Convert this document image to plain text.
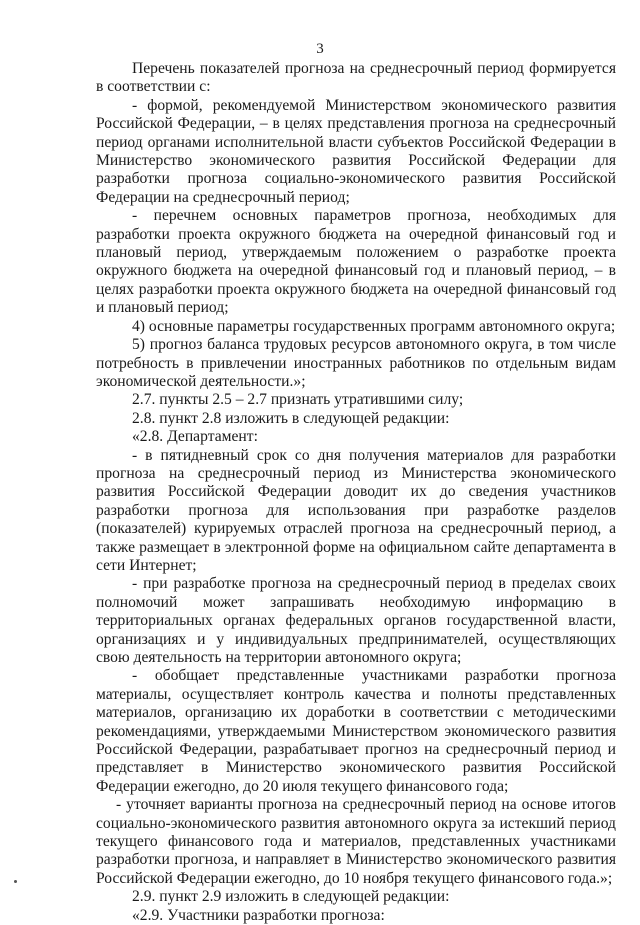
3

Перечень показателей прогноза на среднесрочный период формируется в соответствии с:

- формой, рекомендуемой Министерством экономического развития Российской Федерации, – в целях представления прогноза на среднесрочный период органами исполнительной власти субъектов Российской Федерации в Министерство экономического развития Российской Федерации для разработки прогноза социально-экономического развития Российской Федерации на среднесрочный период;

- перечнем основных параметров прогноза, необходимых для разработки проекта окружного бюджета на очередной финансовый год и плановый период, утверждаемым положением о разработке проекта окружного бюджета на очередной финансовый год и плановый период, – в целях разработки проекта окружного бюджета на очередной финансовый год и плановый период;

4) основные параметры государственных программ автономного округа;

5) прогноз баланса трудовых ресурсов автономного округа, в том числе потребность в привлечении иностранных работников по отдельным видам экономической деятельности.»;

2.7. пункты 2.5 – 2.7 признать утратившими силу;

2.8. пункт 2.8 изложить в следующей редакции:

«2.8. Департамент:

- в пятидневный срок со дня получения материалов для разработки прогноза на среднесрочный период из Министерства экономического развития Российской Федерации доводит их до сведения участников разработки прогноза для использования при разработке разделов (показателей) курируемых отраслей прогноза на среднесрочный период, а также размещает в электронной форме на официальном сайте департамента в сети Интернет;

- при разработке прогноза на среднесрочный период в пределах своих полномочий может запрашивать необходимую информацию в территориальных органах федеральных органов государственной власти, организациях и у индивидуальных предпринимателей, осуществляющих свою деятельность на территории автономного округа;

- обобщает представленные участниками разработки прогноза материалы, осуществляет контроль качества и полноты представленных материалов, организацию их доработки в соответствии с методическими рекомендациями, утверждаемыми Министерством экономического развития Российской Федерации, разрабатывает прогноз на среднесрочный период и представляет в Министерство экономического развития Российской Федерации ежегодно, до 20 июля текущего финансового года;

- уточняет варианты прогноза на среднесрочный период на основе итогов социально-экономического развития автономного округа за истекший период текущего финансового года и материалов, представленных участниками разработки прогноза, и направляет в Министерство экономического развития Российской Федерации ежегодно, до 10 ноября текущего финансового года.»;

2.9. пункт 2.9 изложить в следующей редакции:

«2.9. Участники разработки прогноза:
